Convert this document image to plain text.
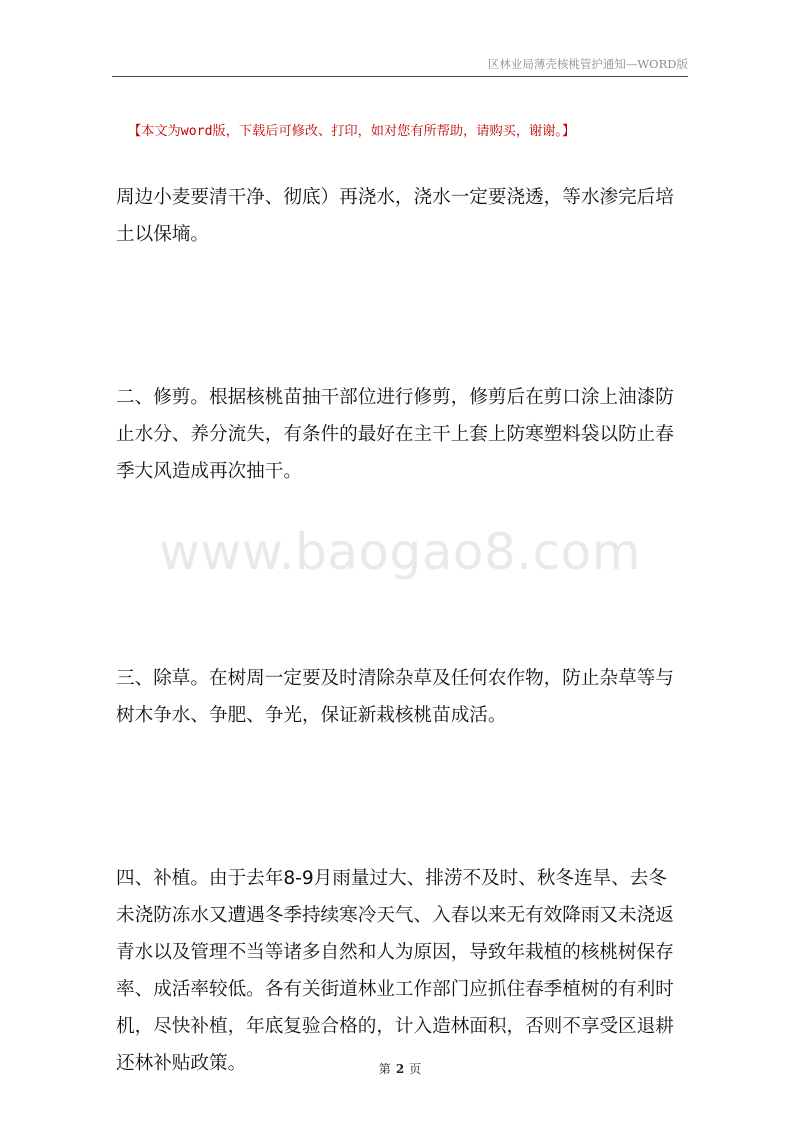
区林业局薄壳核桃管护通知—WORD版
www.baogao8.com
【本文为word版，下载后可修改、打印，如对您有所帮助，请购买，谢谢。】
周边小麦要清干净、彻底）再浇水，浇水一定要浇透，等水渗完后培
土以保墒。
二、修剪。根据核桃苗抽干部位进行修剪，修剪后在剪口涂上油漆防
止水分、养分流失，有条件的最好在主干上套上防寒塑料袋以防止春
季大风造成再次抽干。
三、除草。在树周一定要及时清除杂草及任何农作物，防止杂草等与
树木争水、争肥、争光，保证新栽核桃苗成活。
四、补植。由于去年8-9月雨量过大、排涝不及时、秋冬连旱、去冬
未浇防冻水又遭遇冬季持续寒冷天气、入春以来无有效降雨又未浇返
青水以及管理不当等诸多自然和人为原因，导致年栽植的核桃树保存
率、成活率较低。各有关街道林业工作部门应抓住春季植树的有利时
机，尽快补植，年底复验合格的，计入造林面积，否则不享受区退耕
还林补贴政策。	第 2 页
